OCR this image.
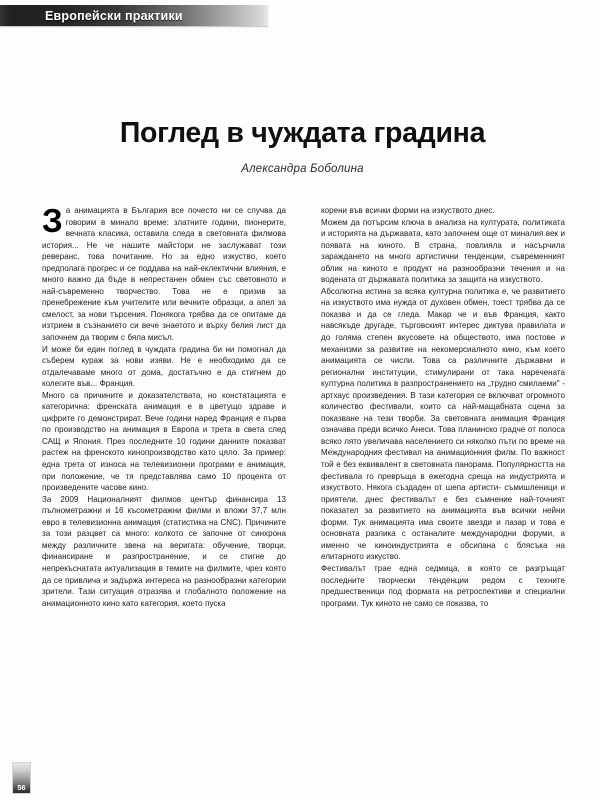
Европейски практики
Поглед в чуждата градина
Александра Боболина

За анимацията в България все почесто ни се случва да говорим в минало време: златните години, пионерите, вечната класика, оставила следа в световната филмова история... Не че нашите майстори не заслужават този реверанс, това почитание. Но за едно изкуство, което предполага прогрес и се поддава на най-еклектични влияния, е много важно да бъде в непрестанен обмен със световното и най-съвременно творчество. Това не е призив за пренебрежение към учителите или вечните образци, а апел за смелост, за нови търсения. Понякога трябва да се опитаме да изтрием в съзнанието си вече знаетото и върху белия лист да започнем да творим с бяла мисъл.

И може би един поглед в чуждата градина би ни помогнал да съберем кураж за нови изяви. Не е необходимо да се отдалечаваме много от дома, достатъчно е да стигнем до колегите във... Франция.

Много са причините и доказателствата, но констатацията е категорична: френската анимация е в цветущо здраве и цифрите го демонстрират. Вече години наред Франция е първа по производство на анимация в Европа и трета в света след САЩ и Япония. През последните 10 години данните показват растеж на френското кинопроизводство като цяло. За пример: една трета от износа на телевизионни програми е анимация, при положение, че тя представлява само 10 процента от произведените часове кино.

За 2009 Националният филмов център финансира 13 пълнометражни и 16 късометражни филми и вложи 37,7 млн евро в телевизионна анимация (статистика на CNC). Причините за този разцвет са много: колкото се започне от синхрона между различните звена на веригата: обучение, творци, финансиране и разпространение, и се стигне до непрекъснатата актуализация в темите на филмите, чрез която да се привлича и задържа интереса на разнообразни категории зрители. Тази ситуация отразява и глобалното положение на анимационното кино като категория, което пуска

корени във всички форми на изкуството днес.

Можем да потърсим ключа в анализа на културата, политиката и историята на държавата, като започнем още от миналия век и появата на киното. В страна, повлияла и насърчила зараждането на много артистични тенденции, съвременният облик на киното е продукт на разнообразни течения и на водената от държавата политика за защита на изкуството.

Абсолютна истина за всяка културна политика е, че развитието на изкуството има нужда от духовен обмен, тоест трябва да се показва и да се гледа. Макар че и във Франция, както навсякъде другаде, търговският интерес диктува правилата и до голяма степен вкусовете на обществото, има постове и механизми за развитие на некомерсиалното кино, към което анимацията се числи. Това са различните държавни и регионални институции, стимулирани от така наречената културна политика в разпространението на „трудно смилаеми" - артхаус произведения. В тази категория се включват огромното количество фестивали, които са най-мащабната сцена за показване на тези творби. За световната анимация Франция означава преди всичко Анеси. Това планинско градче от полоса всяко лято увеличава населението си няколко пъти по време на Международния фестивал на анимационния филм. По важност той е без еквивалент в световната панорама. Популярността на фестивала го превръща в ежегодна среща на индустрията и изкуството. Някога създаден от шепа артисти- съмишленици и приятели, днес фестивалът е без съмнение най-точният показател за развитието на анимацията във всички нейни форми. Тук анимацията има своите звезди и пазар и това е основната разлика с останалите международни форуми, а именно че киноиндустрията е обсипана с блясъка на елитарното изкуство.

Фестивалът трае една седмица, в която се разгръщат последните творчески тенденции редом с техните предшественици под формата на ретроспективи и специални програми. Тук киното не само се показва, то

56
